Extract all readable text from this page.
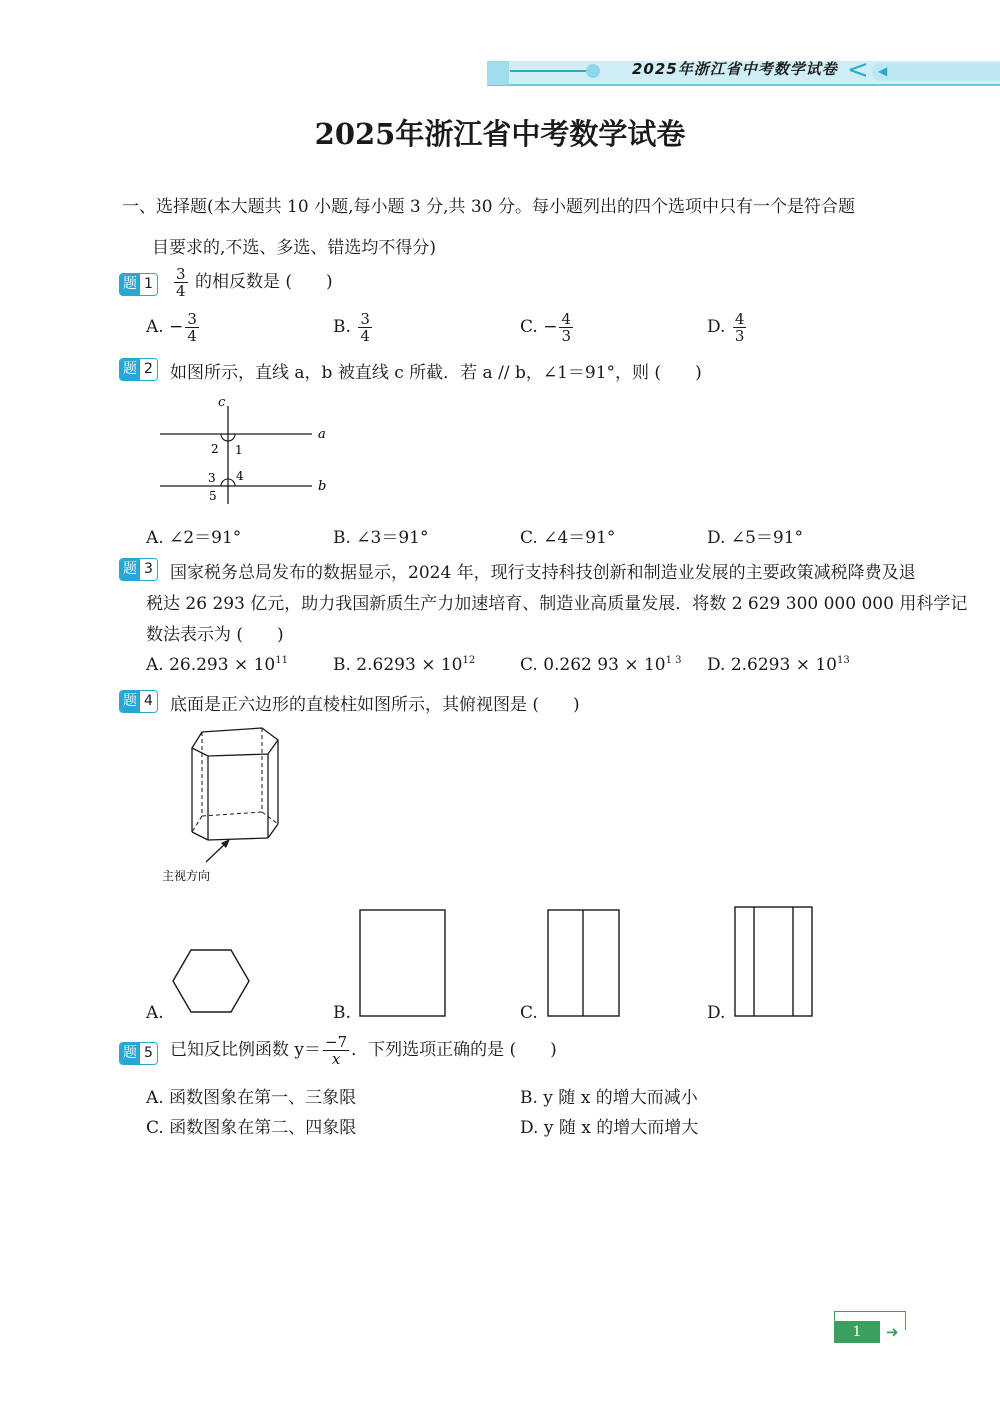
2025年浙江省中考数学试卷 < ◀
2025年浙江省中考数学试卷
一、选择题(本大题共 10 小题,每小题 3 分,共 30 分。每小题列出的四个选项中只有一个是符合题
目要求的,不选、多选、错选均不得分)
题 $1 \frac{3}{4}$ 的相反数是 (　　)
A. − $\frac{3}{4}$	B. $\frac{3}{4}$	C. − $\frac{4}{3}$	D. $\frac{4}{3}$
题 2 如图所示，直线 a，b 被直线 c 所截．若 a // b，∠1＝91°，则 (　　)
c
a
b
2 1
3 4
5
A. ∠2＝91°	B. ∠3＝91°	C. ∠4＝91°	D. ∠5＝91°
题 3 国家税务总局发布的数据显示，2024 年，现行支持科技创新和制造业发展的主要政策减税降费及退
税达 26 293 亿元，助力我国新质生产力加速培育、制造业高质量发展．将数 2 629 300 000 000 用科学记
数法表示为 (　　)
A. $26.293 \times 10^{11}$	B. $2.6293 \times 10^{12}$	C. 0.262 $93 \times 10^{1 3}$ D. $2.6293 \times 10^{13}$
题 4 底面是正六边形的直棱柱如图所示，其俯视图是 (　　)
主视方向
A.	B.	C.	D.
题 5 已知反比例函数 $y= \frac{-7}{x}$ ．下列选项正确的是 (　　)
A. 函数图象在第一、三象限	B. y 随 x 的增大而减小
C. 函数图象在第二、四象限	D. y 随 x 的增大而增大
1	➜
